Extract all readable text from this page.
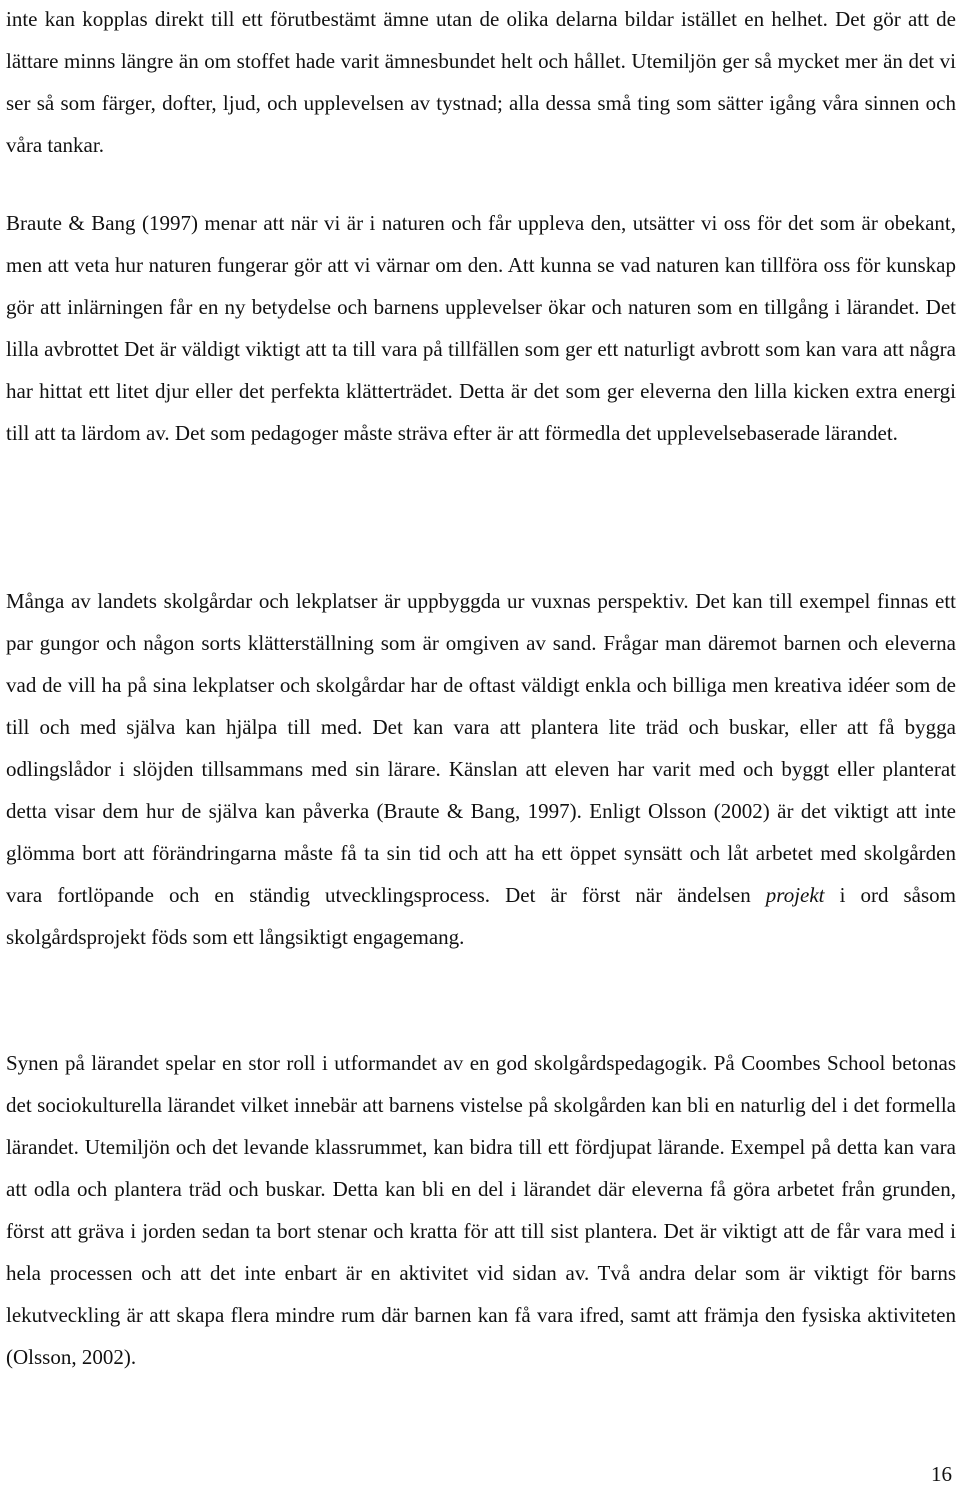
inte kan kopplas direkt till ett förutbestämt ämne utan de olika delarna bildar istället en helhet. Det gör att de lättare minns längre än om stoffet hade varit ämnesbundet helt och hållet. Utemiljön ger så mycket mer än det vi ser så som färger, dofter, ljud, och upplevelsen av tystnad; alla dessa små ting som sätter igång våra sinnen och våra tankar.

Braute & Bang (1997) menar att när vi är i naturen och får uppleva den, utsätter vi oss för det som är obekant, men att veta hur naturen fungerar gör att vi värnar om den. Att kunna se vad naturen kan tillföra oss för kunskap gör att inlärningen får en ny betydelse och barnens upplevelser ökar och naturen som en tillgång i lärandet. Det lilla avbrottet Det är väldigt viktigt att ta till vara på tillfällen som ger ett naturligt avbrott som kan vara att några har hittat ett litet djur eller det perfekta klätterträdet. Detta är det som ger eleverna den lilla kicken extra energi till att ta lärdom av. Det som pedagoger måste sträva efter är att förmedla det upplevelsebaserade lärandet.

Många av landets skolgårdar och lekplatser är uppbyggda ur vuxnas perspektiv. Det kan till exempel finnas ett par gungor och någon sorts klätterställning som är omgiven av sand. Frågar man däremot barnen och eleverna vad de vill ha på sina lekplatser och skolgårdar har de oftast väldigt enkla och billiga men kreativa idéer som de till och med själva kan hjälpa till med. Det kan vara att plantera lite träd och buskar, eller att få bygga odlingslådor i slöjden tillsammans med sin lärare. Känslan att eleven har varit med och byggt eller planterat detta visar dem hur de själva kan påverka (Braute & Bang, 1997). Enligt Olsson (2002) är det viktigt att inte glömma bort att förändringarna måste få ta sin tid och att ha ett öppet synsätt och låt arbetet med skolgården vara fortlöpande och en ständig utvecklingsprocess. Det är först när ändelsen projekt i ord såsom skolgårdsprojekt föds som ett långsiktigt engagemang.

Synen på lärandet spelar en stor roll i utformandet av en god skolgårdspedagogik. På Coombes School betonas det sociokulturella lärandet vilket innebär att barnens vistelse på skolgården kan bli en naturlig del i det formella lärandet. Utemiljön och det levande klassrummet, kan bidra till ett fördjupat lärande. Exempel på detta kan vara att odla och plantera träd och buskar. Detta kan bli en del i lärandet där eleverna få göra arbetet från grunden, först att gräva i jorden sedan ta bort stenar och kratta för att till sist plantera. Det är viktigt att de får vara med i hela processen och att det inte enbart är en aktivitet vid sidan av. Två andra delar som är viktigt för barns lekutveckling är att skapa flera mindre rum där barnen kan få vara ifred, samt att främja den fysiska aktiviteten (Olsson, 2002).

16
